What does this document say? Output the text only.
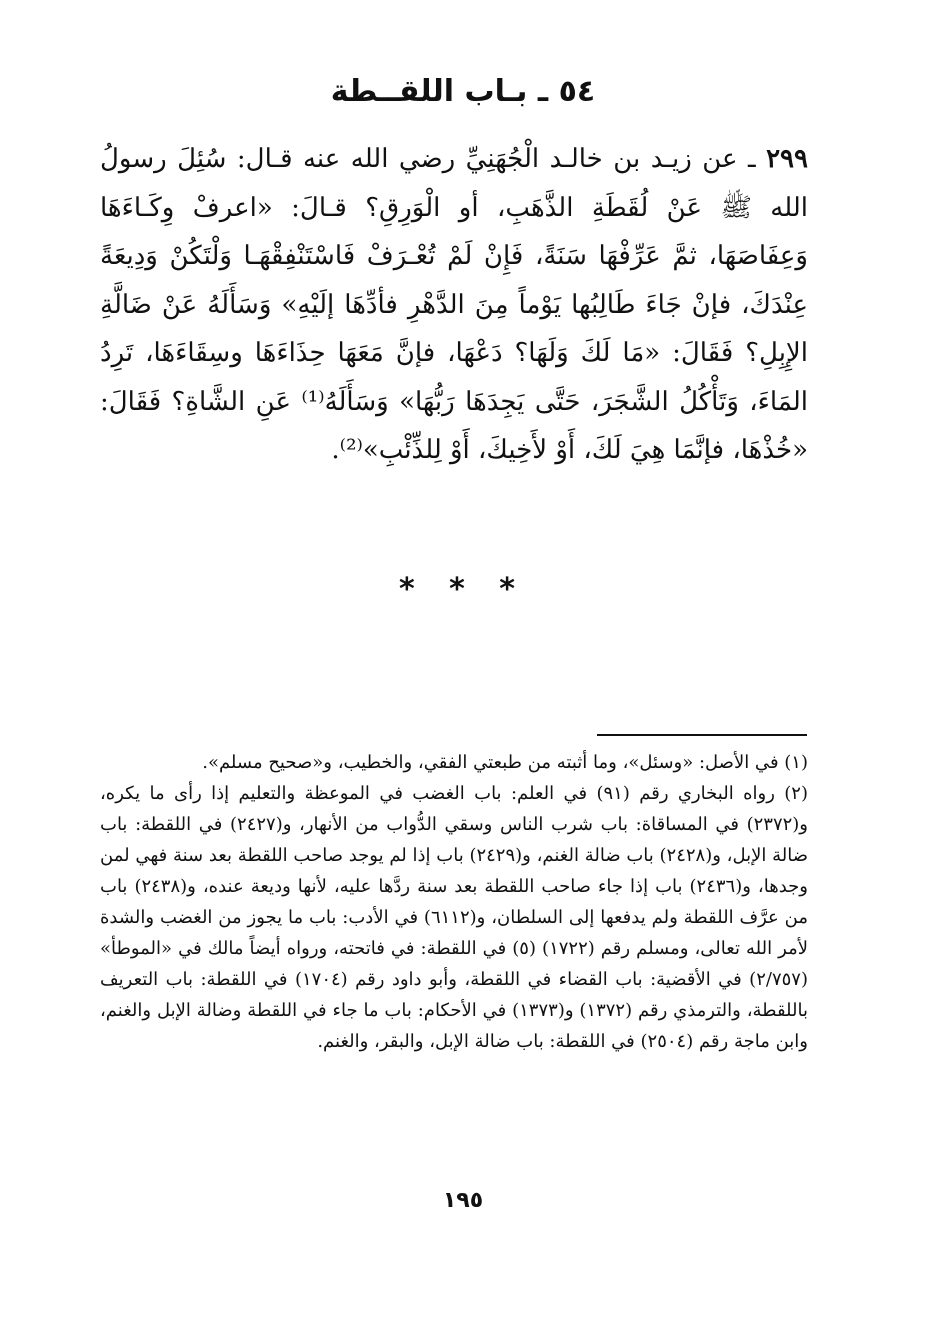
٥٤ ـ بـاب اللقــطة
٢٩٩ ـ عن زيـد بن خالـد الْجُهَنِيِّ رضي الله عنه قـال: سُئِلَ رسولُ الله ﷺ عَنْ لُقَطَةِ الذَّهَبِ، أو الْوَرِقِ؟ قـالَ: «اعرفْ وِكَـاءَهَا وَعِفَاصَهَا، ثمَّ عَرِّفْهَا سَنَةً، فَإِنْ لَمْ تُعْـرَفْ فَاسْتَنْفِقْهَـا وَلْتَكُنْ وَدِيعَةً عِنْدَكَ، فإنْ جَاءَ طَالِبُها يَوْماً مِنَ الدَّهْرِ فأدِّهَا إلَيْهِ» وَسَأَلَهُ عَنْ ضَالَّةِ الإِبِلِ؟ فَقَالَ: «مَا لَكَ وَلَهَا؟ دَعْهَا، فإنَّ مَعَهَا حِذَاءَهَا وسِقَاءَهَا، تَرِدُ المَاءَ، وَتَأْكُلُ الشَّجَرَ، حَتَّى يَجِدَهَا رَبُّهَا» وَسَأَلَهُ⁽¹⁾ عَنِ الشَّاةِ؟ فَقَالَ: «خُذْهَا، فإنَّمَا هِيَ لَكَ، أَوْ لأَخِيكَ، أَوْ لِلذِّئْبِ»⁽²⁾.
* * *

(١) في الأصل: «وسئل»، وما أثبته من طبعتي الفقي، والخطيب، و«صحيح مسلم».

(٢) رواه البخاري رقم (٩١) في العلم: باب الغضب في الموعظة والتعليم إذا رأى ما يكره، و(٢٣٧٢) في المساقاة: باب شرب الناس وسقي الدُّواب من الأنهار، و(٢٤٢٧) في اللقطة: باب ضالة الإبل، و(٢٤٢٨) باب ضالة الغنم، و(٢٤٢٩) باب إذا لم يوجد صاحب اللقطة بعد سنة فهي لمن وجدها، و(٢٤٣٦) باب إذا جاء صاحب اللقطة بعد سنة ردَّها عليه، لأنها وديعة عنده، و(٢٤٣٨) باب من عرَّف اللقطة ولم يدفعها إلى السلطان، و(٦١١٢) في الأدب: باب ما يجوز من الغضب والشدة لأمر الله تعالى، ومسلم رقم (١٧٢٢) (٥) في اللقطة: في فاتحته، ورواه أيضاً مالك في «الموطأ» (٢/٧٥٧) في الأقضية: باب القضاء في اللقطة، وأبو داود رقم (١٧٠٤) في اللقطة: باب التعريف باللقطة، والترمذي رقم (١٣٧٢) و(١٣٧٣) في الأحكام: باب ما جاء في اللقطة وضالة الإبل والغنم، وابن ماجة رقم (٢٥٠٤) في اللقطة: باب ضالة الإبل، والبقر، والغنم.

١٩٥
